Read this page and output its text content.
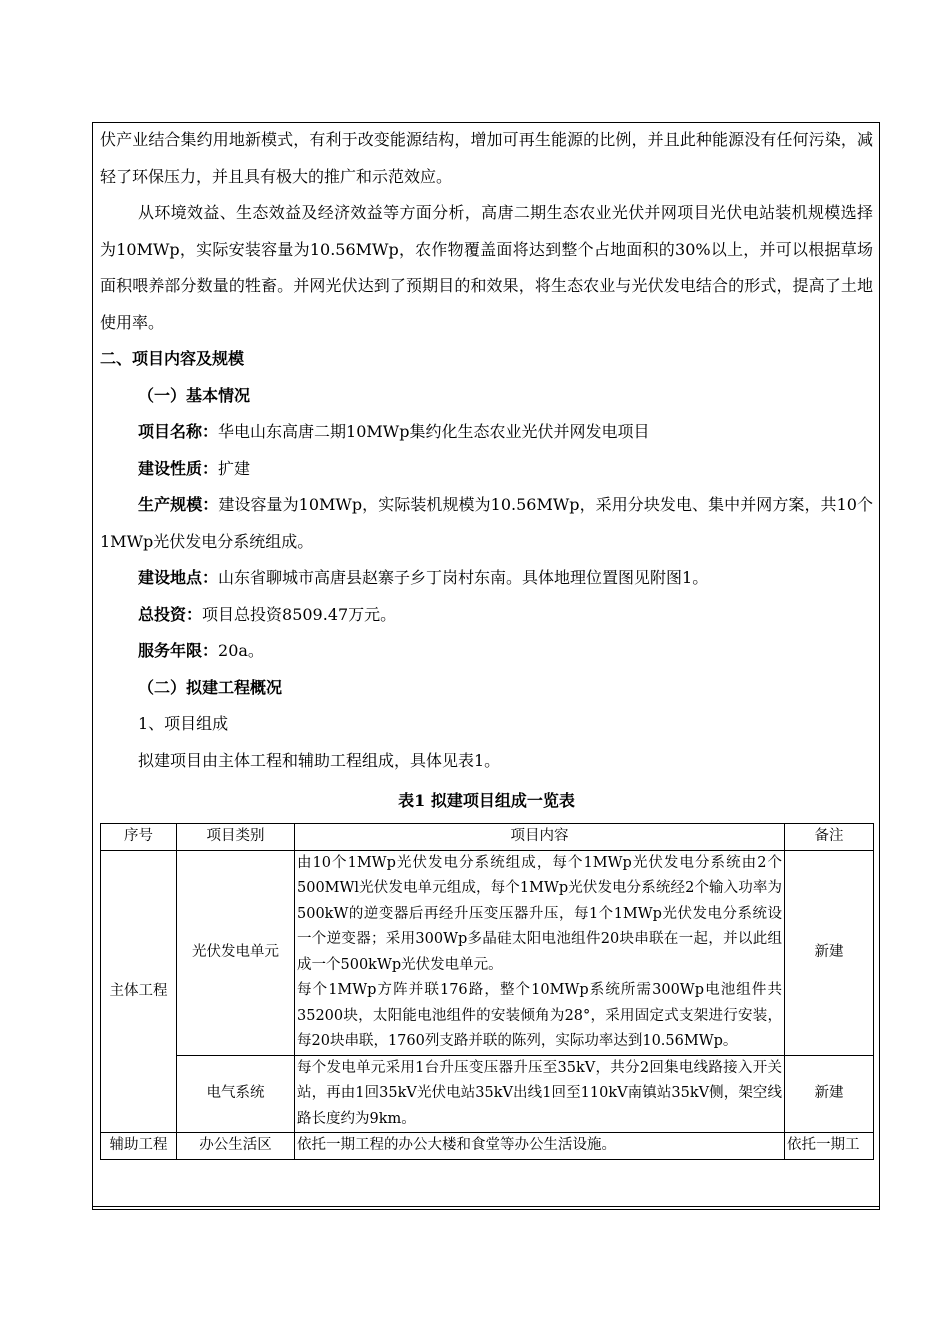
伏产业结合集约用地新模式，有利于改变能源结构，增加可再生能源的比例，并且此种能源没有任何污染，减轻了环保压力，并且具有极大的推广和示范效应。

从环境效益、生态效益及经济效益等方面分析，高唐二期生态农业光伏并网项目光伏电站装机规模选择为10MWp，实际安装容量为10.56MWp，农作物覆盖面将达到整个占地面积的30%以上，并可以根据草场面积喂养部分数量的牲畜。并网光伏达到了预期目的和效果，将生态农业与光伏发电结合的形式，提高了土地使用率。

二、项目内容及规模

（一）基本情况

项目名称：华电山东高唐二期10MWp集约化生态农业光伏并网发电项目

建设性质：扩建

生产规模：建设容量为10MWp，实际装机规模为10.56MWp，采用分块发电、集中并网方案，共10个1MWp光伏发电分系统组成。

建设地点：山东省聊城市高唐县赵寨子乡丁岗村东南。具体地理位置图见附图1。

总投资：项目总投资8509.47万元。

服务年限：20a。

（二）拟建工程概况

1、项目组成

拟建项目由主体工程和辅助工程组成，具体见表1。

表1 拟建项目组成一览表
序号	项目类别	项目内容	备注
主体工程	光伏发电单元	由10个1MWp光伏发电分系统组成，每个1MWp光伏发电分系统由2个500MWl光伏发电单元组成，每个1MWp光伏发电分系统经2个输入功率为500kW的逆变器后再经升压变压器升压，每1个1MWp光伏发电分系统设一个逆变器；采用300Wp多晶硅太阳电池组件20块串联在一起，并以此组成一个500kWp光伏发电单元。
每个1MWp方阵并联176路，整个10MWp系统所需300Wp电池组件共35200块，太阳能电池组件的安装倾角为28°，采用固定式支架进行安装，每20块串联，1760列支路并联的陈列，实际功率达到10.56MWp。	新建
	电气系统	每个发电单元采用1台升压变压器升压至35kV，共分2回集电线路接入开关站，再由1回35kV光伏电站35kV出线1回至110kV南镇站35kV侧，架空线路长度约为9km。	新建
辅助工程	办公生活区	依托一期工程的办公大楼和食堂等办公生活设施。	依托一期工
